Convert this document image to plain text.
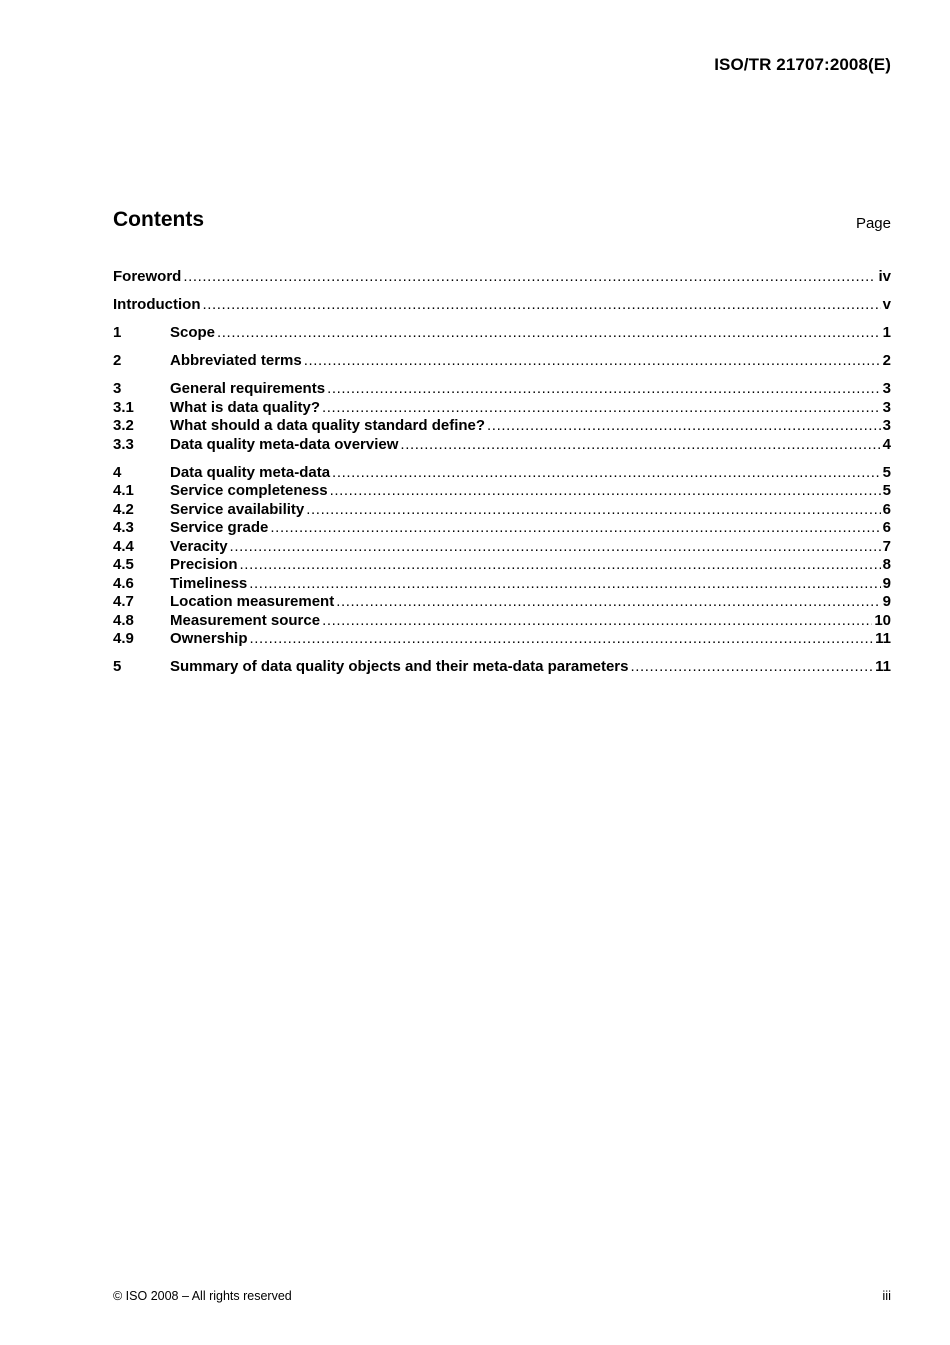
ISO/TR 21707:2008(E)
Contents	Page
Foreword .....	iv
Introduction .....	v
1	Scope .....	1
2	Abbreviated terms .....	2
3	General requirements .....	3
3.1	What is data quality? .....	3
3.2	What should a data quality standard define? .....	3
3.3	Data quality meta-data overview .....	4
4	Data quality meta-data .....	5
4.1	Service completeness .....	5
4.2	Service availability .....	6
4.3	Service grade .....	6
4.4	Veracity .....	7
4.5	Precision .....	8
4.6	Timeliness .....	9
4.7	Location measurement .....	9
4.8	Measurement source .....	10
4.9	Ownership .....	11
5	Summary of data quality objects and their meta-data parameters .....	11
© ISO 2008 – All rights reserved	iii
